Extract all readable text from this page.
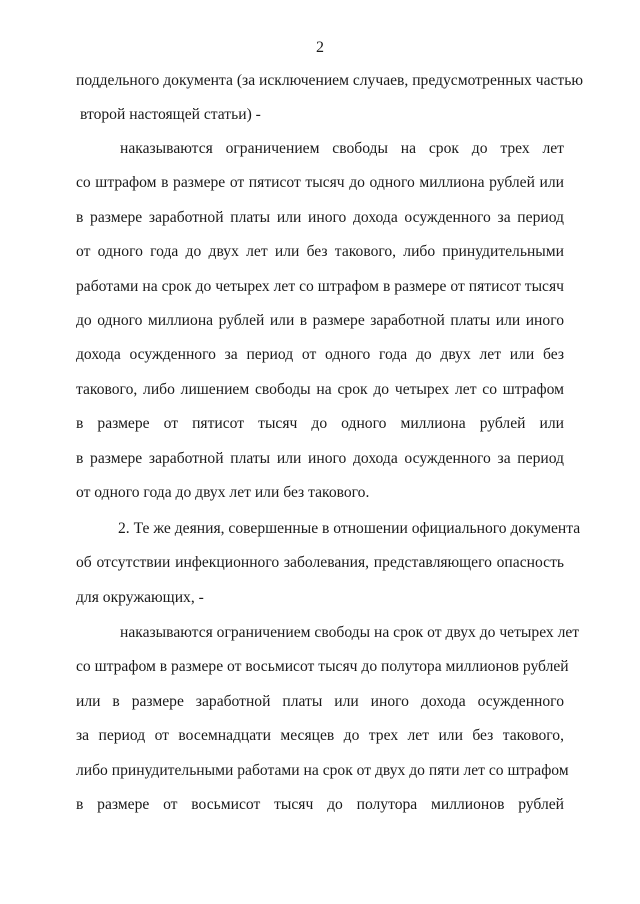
2
поддельного документа (за исключением случаев, предусмотренных частью
второй настоящей статьи) -
наказываются ограничением свободы на срок до трех лет
со штрафом в размере от пятисот тысяч до одного миллиона рублей или
в размере заработной платы или иного дохода осужденного за период
от одного года до двух лет или без такового, либо принудительными
работами на срок до четырех лет со штрафом в размере от пятисот тысяч
до одного миллиона рублей или в размере заработной платы или иного
дохода осужденного за период от одного года до двух лет или без
такового, либо лишением свободы на срок до четырех лет со штрафом
в размере от пятисот тысяч до одного миллиона рублей или
в размере заработной платы или иного дохода осужденного за период
от одного года до двух лет или без такового.
2. Те же деяния, совершенные в отношении официального документа
об отсутствии инфекционного заболевания, представляющего опасность
для окружающих, -
наказываются ограничением свободы на срок от двух до четырех лет
со штрафом в размере от восьмисот тысяч до полутора миллионов рублей
или в размере заработной платы или иного дохода осужденного
за период от восемнадцати месяцев до трех лет или без такового,
либо принудительными работами на срок от двух до пяти лет со штрафом
в размере от восьмисот тысяч до полутора миллионов рублей
